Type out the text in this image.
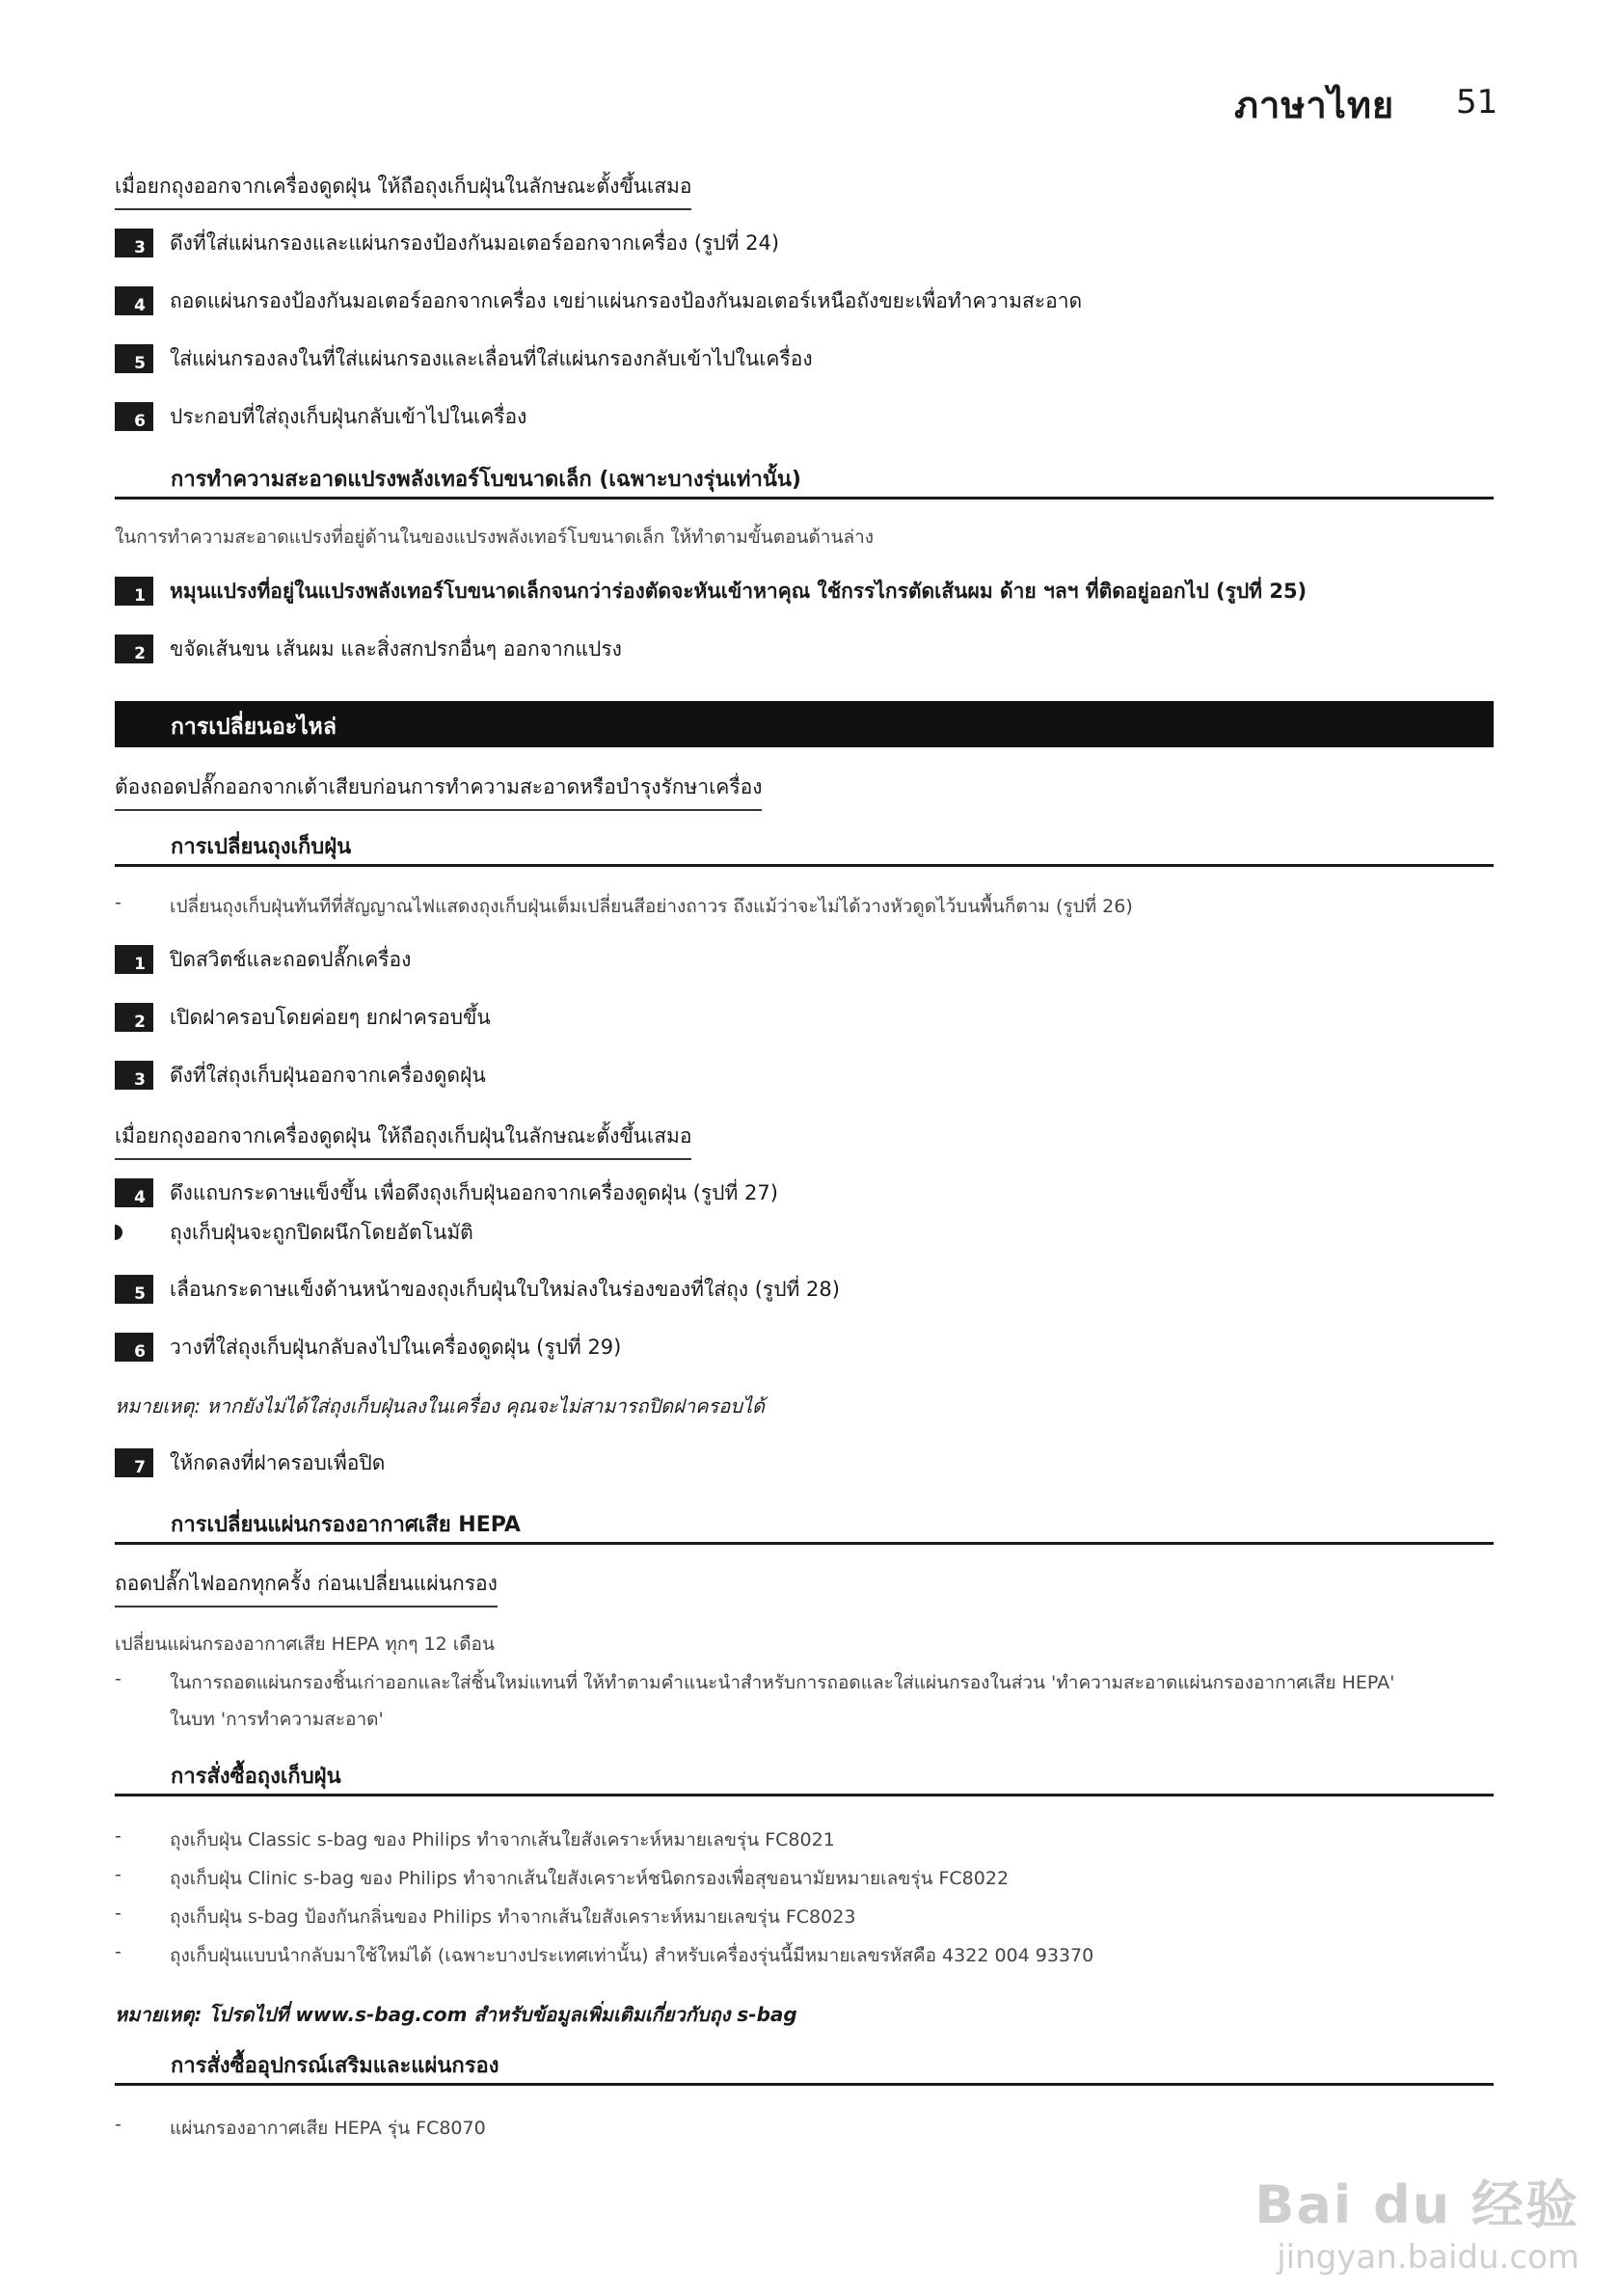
ภาษาไทย 51
เมื่อยกถุงออกจากเครื่องดูดฝุ่น ให้ถือถุงเก็บฝุ่นในลักษณะตั้งขึ้นเสมอ
3	ดึงที่ใส่แผ่นกรองและแผ่นกรองป้องกันมอเตอร์ออกจากเครื่อง (รูปที่ 24)
4	ถอดแผ่นกรองป้องกันมอเตอร์ออกจากเครื่อง เขย่าแผ่นกรองป้องกันมอเตอร์เหนือถังขยะเพื่อทำความสะอาด
5	ใส่แผ่นกรองลงในที่ใส่แผ่นกรองและเลื่อนที่ใส่แผ่นกรองกลับเข้าไปในเครื่อง
6	ประกอบที่ใส่ถุงเก็บฝุ่นกลับเข้าไปในเครื่อง
การทำความสะอาดแปรงพลังเทอร์โบขนาดเล็ก (เฉพาะบางรุ่นเท่านั้น)
ในการทำความสะอาดแปรงที่อยู่ด้านในของแปรงพลังเทอร์โบขนาดเล็ก ให้ทำตามขั้นตอนด้านล่าง
1	หมุนแปรงที่อยู่ในแปรงพลังเทอร์โบขนาดเล็กจนกว่าร่องตัดจะหันเข้าหาคุณ ใช้กรรไกรตัดเส้นผม ด้าย ฯลฯ ที่ติดอยู่ออกไป (รูปที่ 25)
2	ขจัดเส้นขน เส้นผม และสิ่งสกปรกอื่นๆ ออกจากแปรง
การเปลี่ยนอะไหล่
ต้องถอดปลั๊กออกจากเต้าเสียบก่อนการทำความสะอาดหรือบำรุงรักษาเครื่อง
การเปลี่ยนถุงเก็บฝุ่น
-	เปลี่ยนถุงเก็บฝุ่นทันทีที่สัญญาณไฟแสดงถุงเก็บฝุ่นเต็มเปลี่ยนสีอย่างถาวร ถึงแม้ว่าจะไม่ได้วางหัวดูดไว้บนพื้นก็ตาม (รูปที่ 26)
1	ปิดสวิตช์และถอดปลั๊กเครื่อง
2	เปิดฝาครอบโดยค่อยๆ ยกฝาครอบขึ้น
3	ดึงที่ใส่ถุงเก็บฝุ่นออกจากเครื่องดูดฝุ่น
เมื่อยกถุงออกจากเครื่องดูดฝุ่น ให้ถือถุงเก็บฝุ่นในลักษณะตั้งขึ้นเสมอ
4	ดึงแถบกระดาษแข็งขึ้น เพื่อดึงถุงเก็บฝุ่นออกจากเครื่องดูดฝุ่น (รูปที่ 27)
ถุงเก็บฝุ่นจะถูกปิดผนึกโดยอัตโนมัติ
5	เลื่อนกระดาษแข็งด้านหน้าของถุงเก็บฝุ่นใบใหม่ลงในร่องของที่ใส่ถุง (รูปที่ 28)
6	วางที่ใส่ถุงเก็บฝุ่นกลับลงไปในเครื่องดูดฝุ่น (รูปที่ 29)
หมายเหตุ: หากยังไม่ได้ใส่ถุงเก็บฝุ่นลงในเครื่อง คุณจะไม่สามารถปิดฝาครอบได้
7	ให้กดลงที่ฝาครอบเพื่อปิด
การเปลี่ยนแผ่นกรองอากาศเสีย HEPA
ถอดปลั๊กไฟออกทุกครั้ง ก่อนเปลี่ยนแผ่นกรอง
เปลี่ยนแผ่นกรองอากาศเสีย HEPA ทุกๆ 12 เดือน
-	ในการถอดแผ่นกรองชิ้นเก่าออกและใส่ชิ้นใหม่แทนที่ ให้ทำตามคำแนะนำสำหรับการถอดและใส่แผ่นกรองในส่วน 'ทำความสะอาดแผ่นกรองอากาศเสีย HEPA'
ในบท 'การทำความสะอาด'
การสั่งซื้อถุงเก็บฝุ่น
-	ถุงเก็บฝุ่น Classic s-bag ของ Philips ทำจากเส้นใยสังเคราะห์หมายเลขรุ่น FC8021
-	ถุงเก็บฝุ่น Clinic s-bag ของ Philips ทำจากเส้นใยสังเคราะห์ชนิดกรองเพื่อสุขอนามัยหมายเลขรุ่น FC8022
-	ถุงเก็บฝุ่น s-bag ป้องกันกลิ่นของ Philips ทำจากเส้นใยสังเคราะห์หมายเลขรุ่น FC8023
-	ถุงเก็บฝุ่นแบบนำกลับมาใช้ใหม่ได้ (เฉพาะบางประเทศเท่านั้น) สำหรับเครื่องรุ่นนี้มีหมายเลขรหัสคือ 4322 004 93370
หมายเหตุ: โปรดไปที่ www.s-bag.com สำหรับข้อมูลเพิ่มเติมเกี่ยวกับถุง s-bag
การสั่งซื้ออุปกรณ์เสริมและแผ่นกรอง
-	แผ่นกรองอากาศเสีย HEPA รุ่น FC8070
Bai du 经验
jingyan.baidu.com
